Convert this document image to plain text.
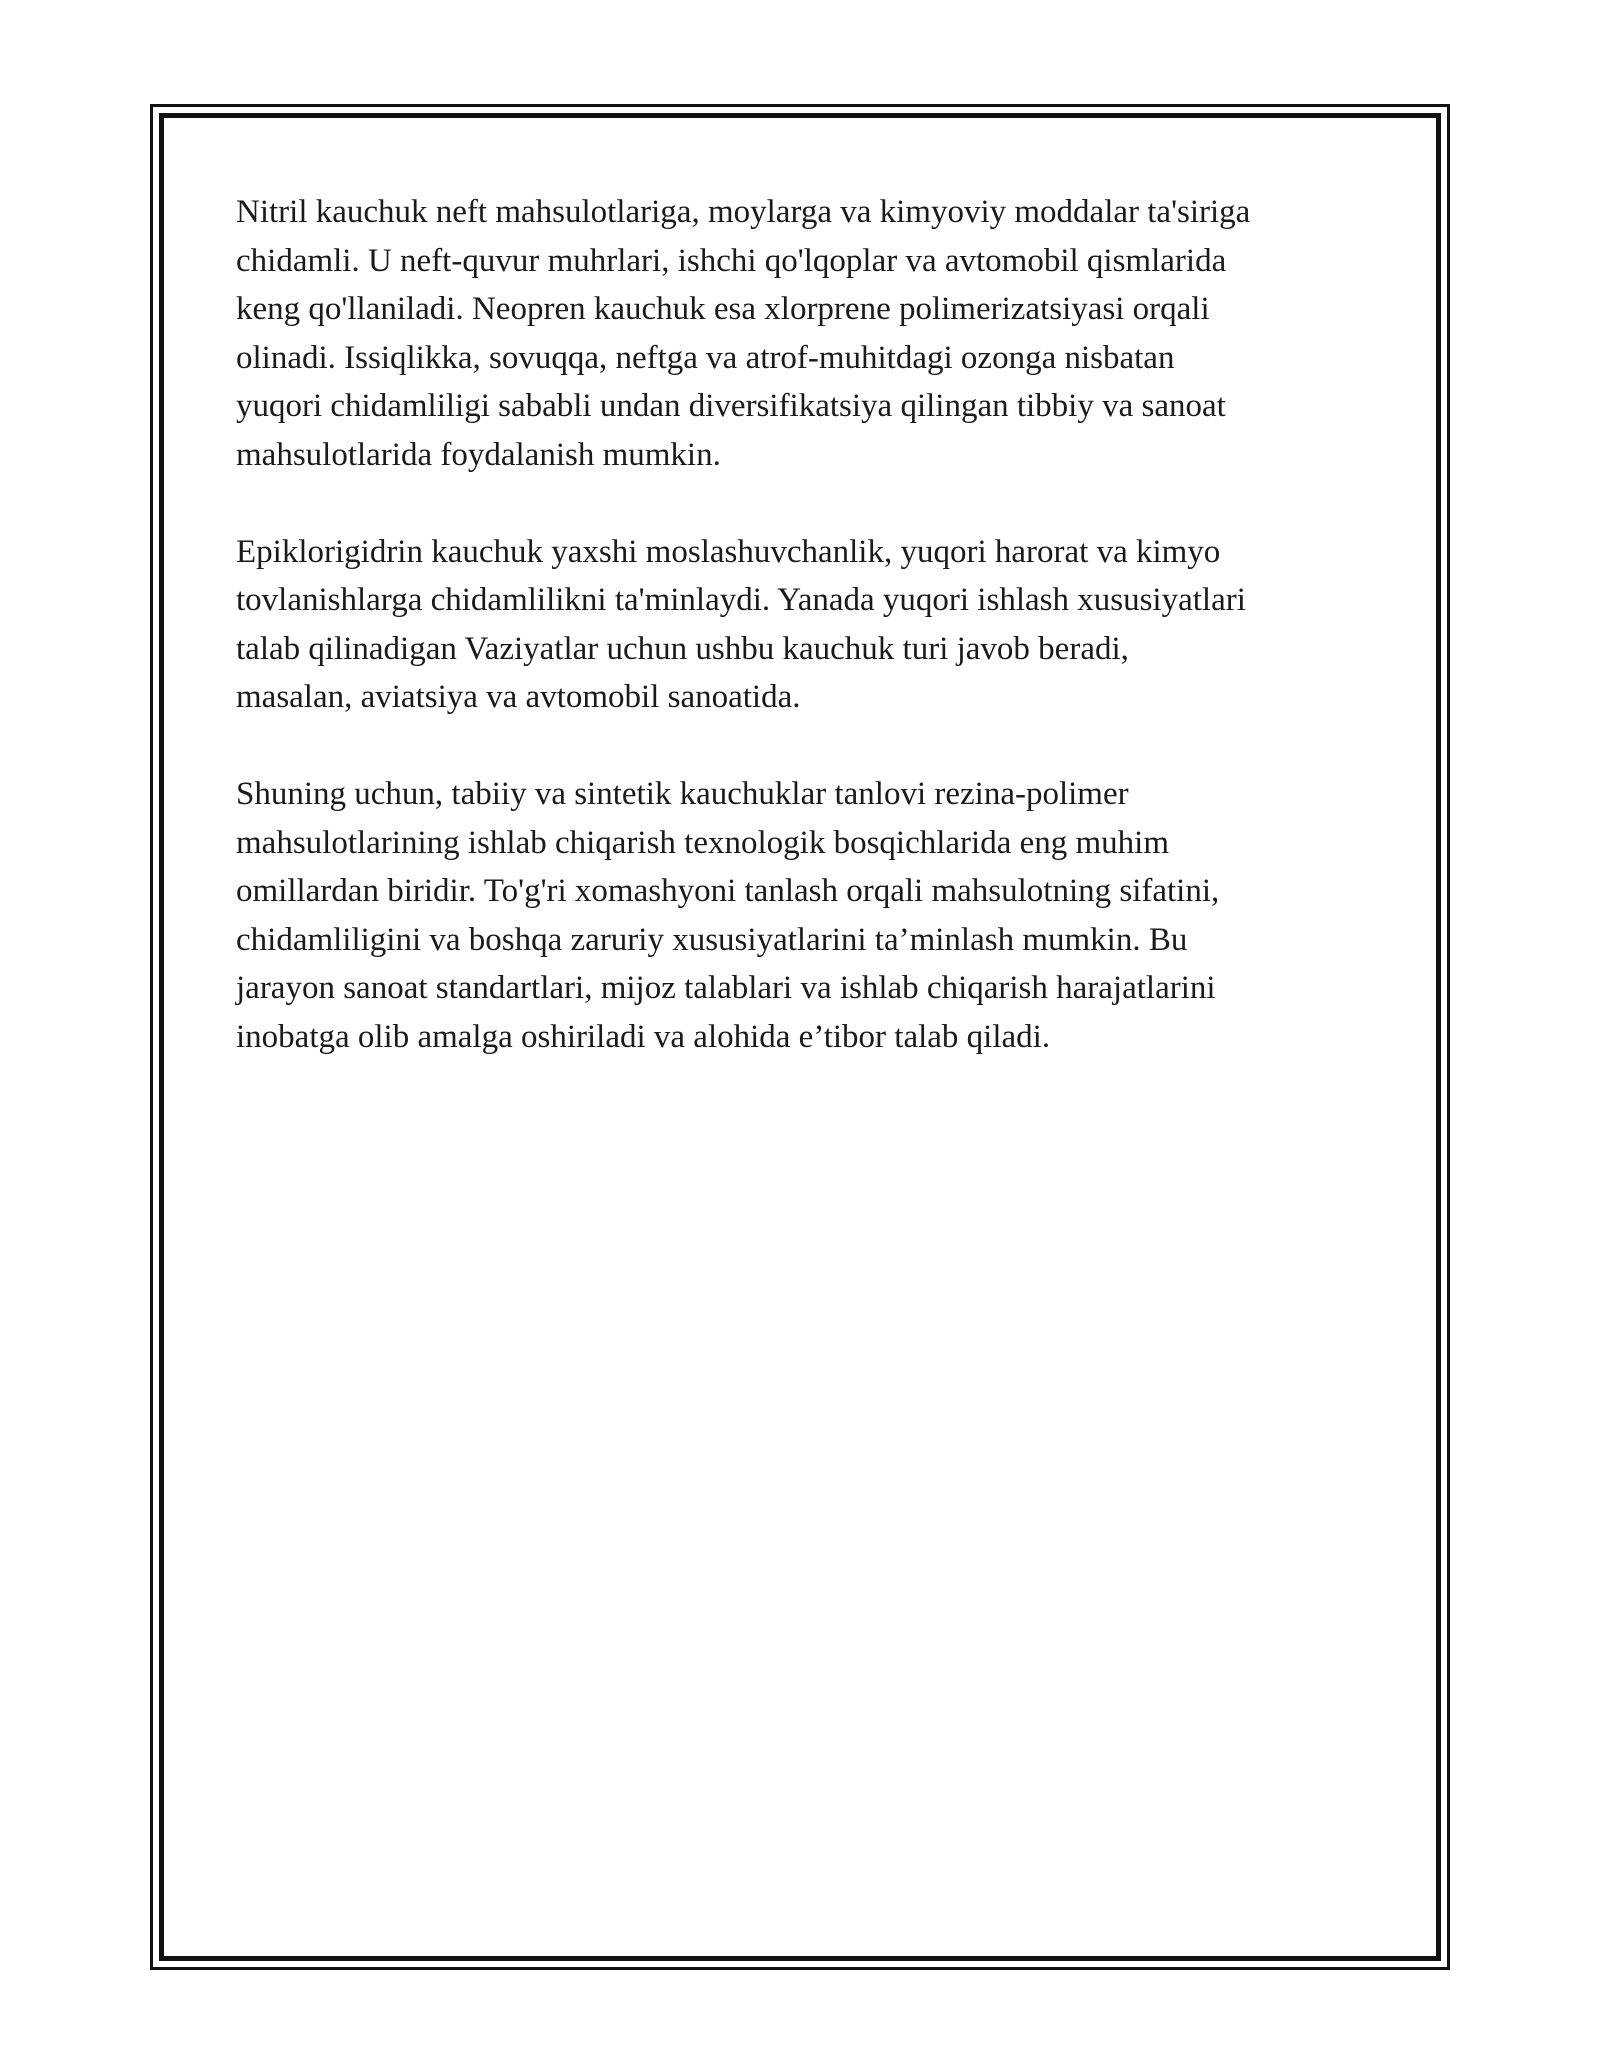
Nitril kauchuk neft mahsulotlariga, moylarga va kimyoviy moddalar ta'siriga
chidamli. U neft-quvur muhrlari, ishchi qo'lqoplar va avtomobil qismlarida
keng qo'llaniladi. Neopren kauchuk esa xlorprene polimerizatsiyasi orqali
olinadi. Issiqlikka, sovuqqa, neftga va atrof-muhitdagi ozonga nisbatan
yuqori chidamliligi sababli undan diversifikatsiya qilingan tibbiy va sanoat
mahsulotlarida foydalanish mumkin.

Epiklorigidrin kauchuk yaxshi moslashuvchanlik, yuqori harorat va kimyo
tovlanishlarga chidamlilikni ta'minlaydi. Yanada yuqori ishlash xususiyatlari
talab qilinadigan Vaziyatlar uchun ushbu kauchuk turi javob beradi,
masalan, aviatsiya va avtomobil sanoatida.

Shuning uchun, tabiiy va sintetik kauchuklar tanlovi rezina-polimer
mahsulotlarining ishlab chiqarish texnologik bosqichlarida eng muhim
omillardan biridir. To'g'ri xomashyoni tanlash orqali mahsulotning sifatini,
chidamliligini va boshqa zaruriy xususiyatlarini ta’minlash mumkin. Bu
jarayon sanoat standartlari, mijoz talablari va ishlab chiqarish harajatlarini
inobatga olib amalga oshiriladi va alohida e’tibor talab qiladi.
